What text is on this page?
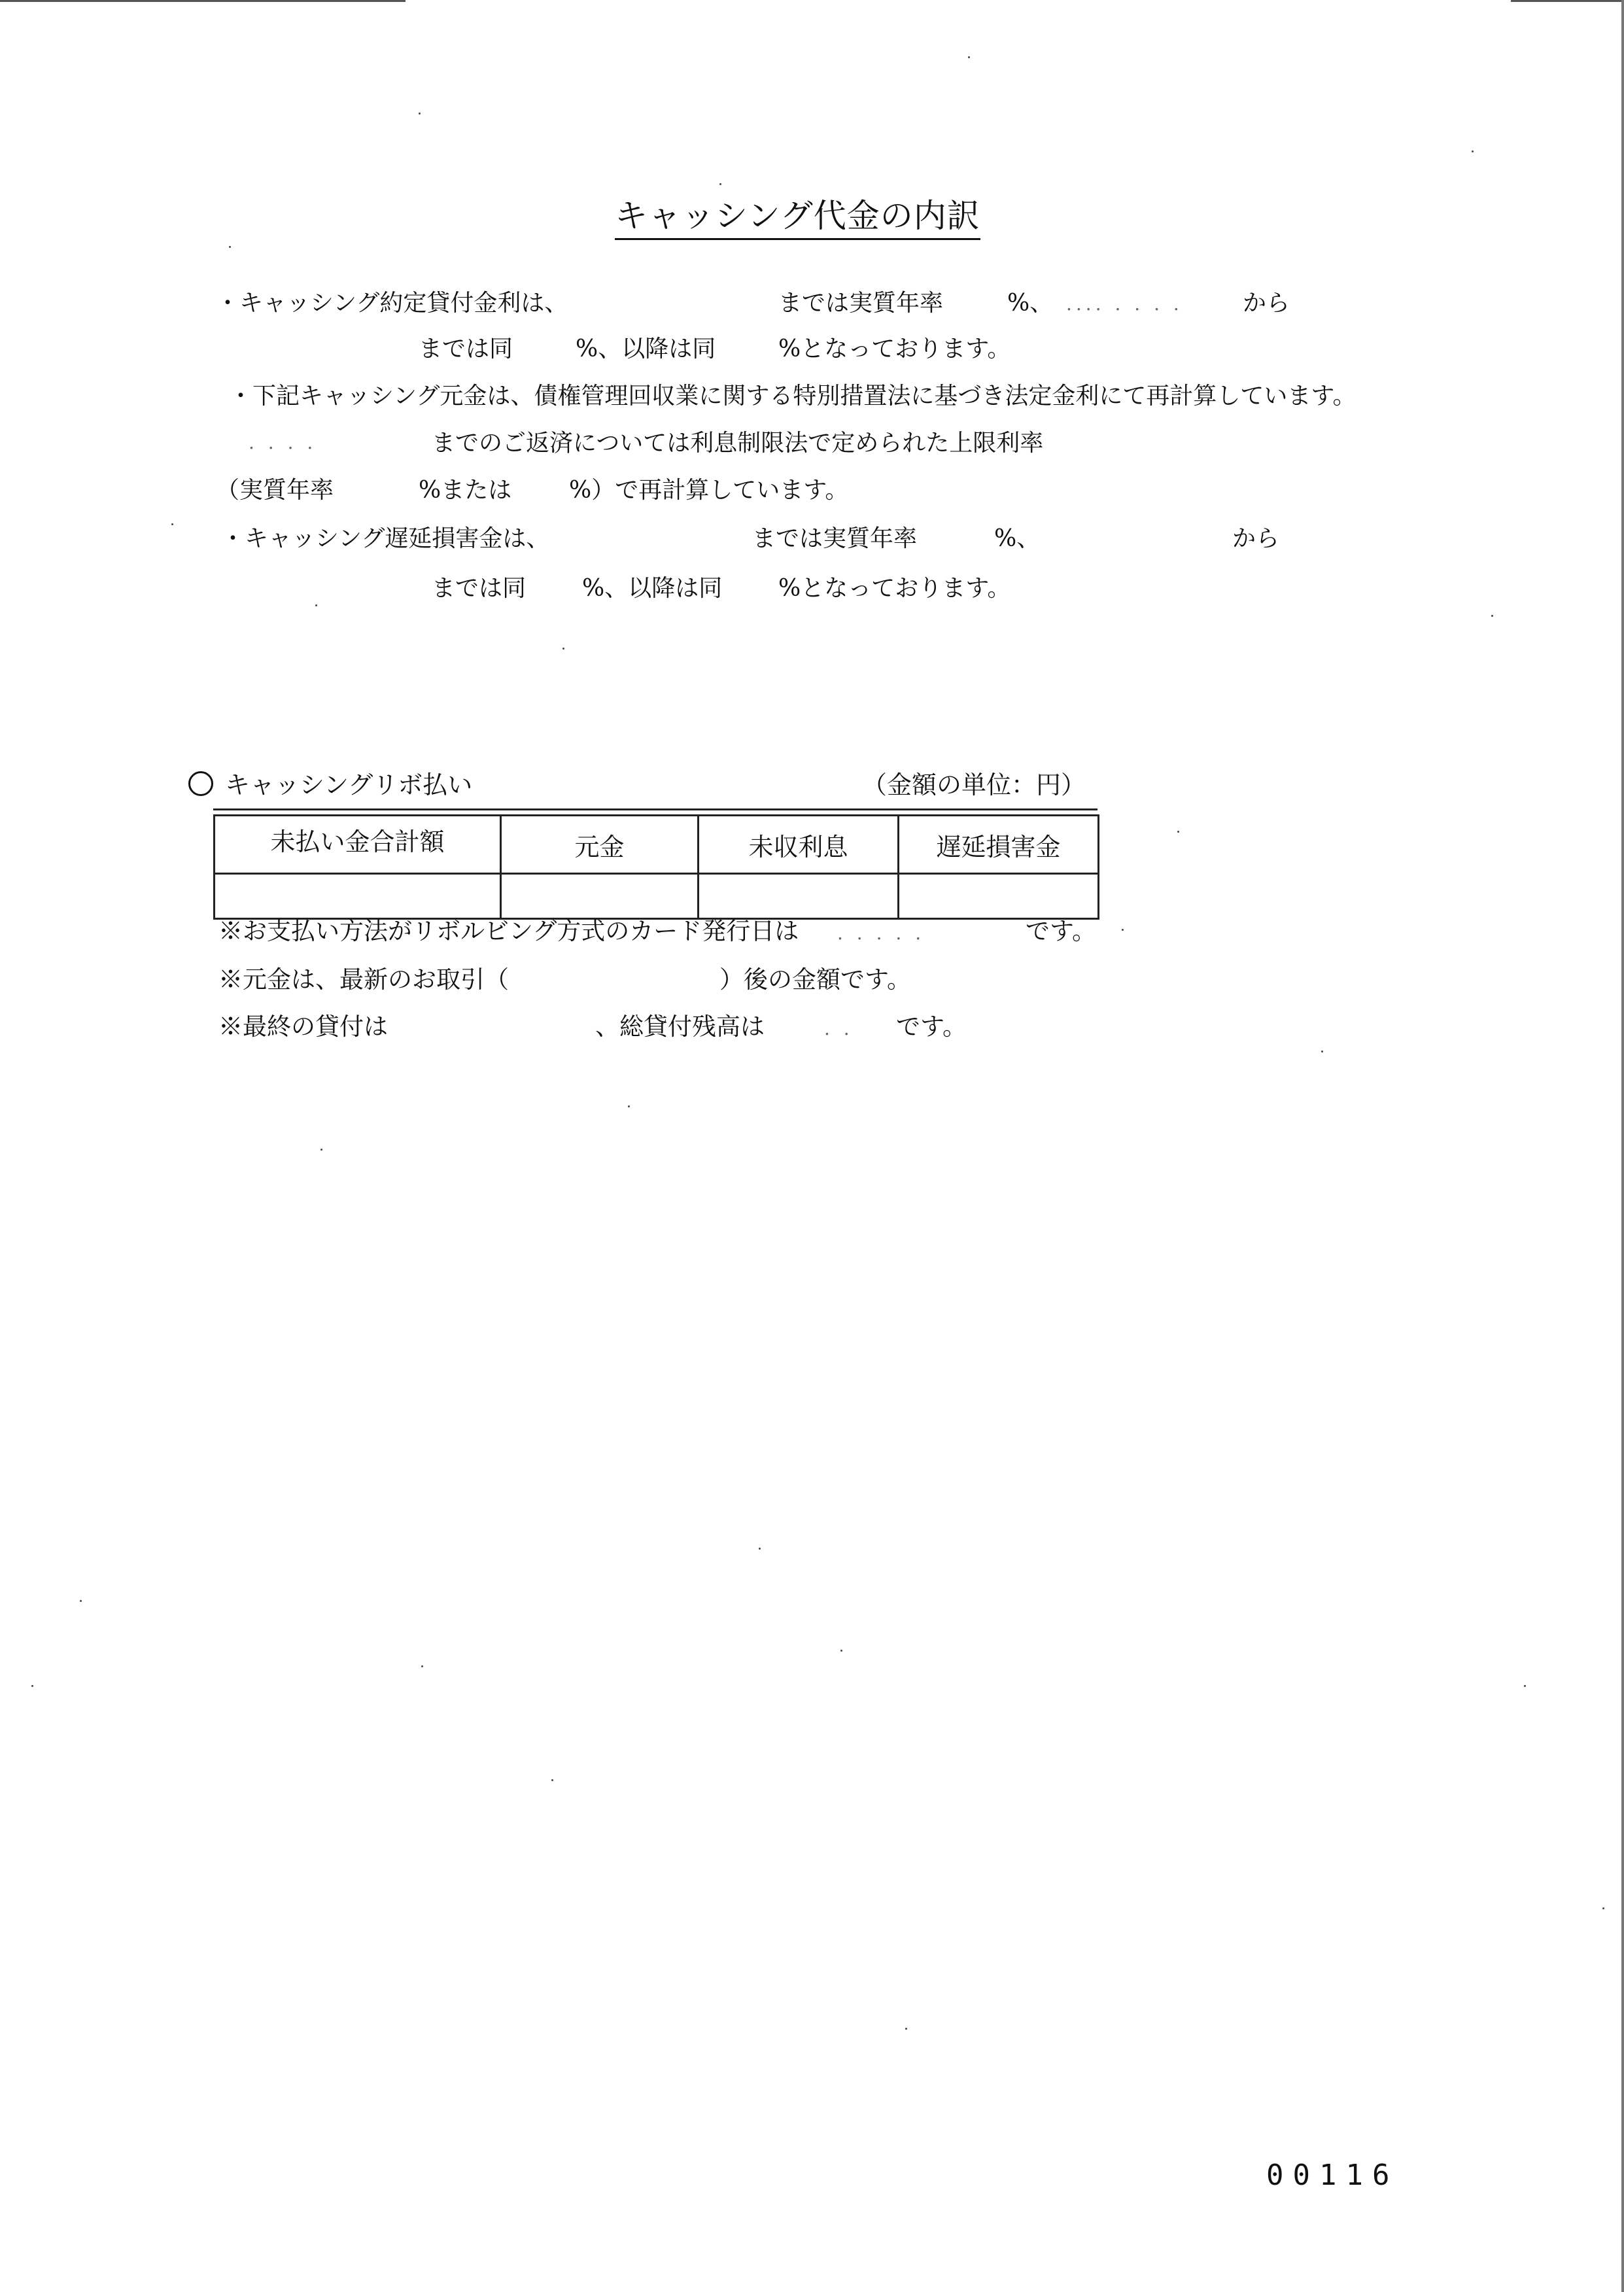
キャッシング代金の内訳
・キャッシング約定貸付金利は、	までは実質年率	%、 .... . . . .	から
までは同	%、以降は同	%となっております。
・下記キャッシング元金は、債権管理回収業に関する特別措置法に基づき法定金利にて再計算しています。
. . . .	までのご返済については利息制限法で定められた上限利率
（実質年率	%または %）で再計算しています。
・キャッシング遅延損害金は、	までは実質年率	%、	から
までは同 %、以降は同 %となっております。
キャッシングリボ払い	（金額の単位：円）
未払い金合計額	元金	未収利息	遅延損害金

※お支払い方法がリボルビング方式のカード発行日は . . . . .	です。
※元金は、最新のお取引（	）後の金額です。
※最終の貸付は	、総貸付残高は	. . です。
00116
